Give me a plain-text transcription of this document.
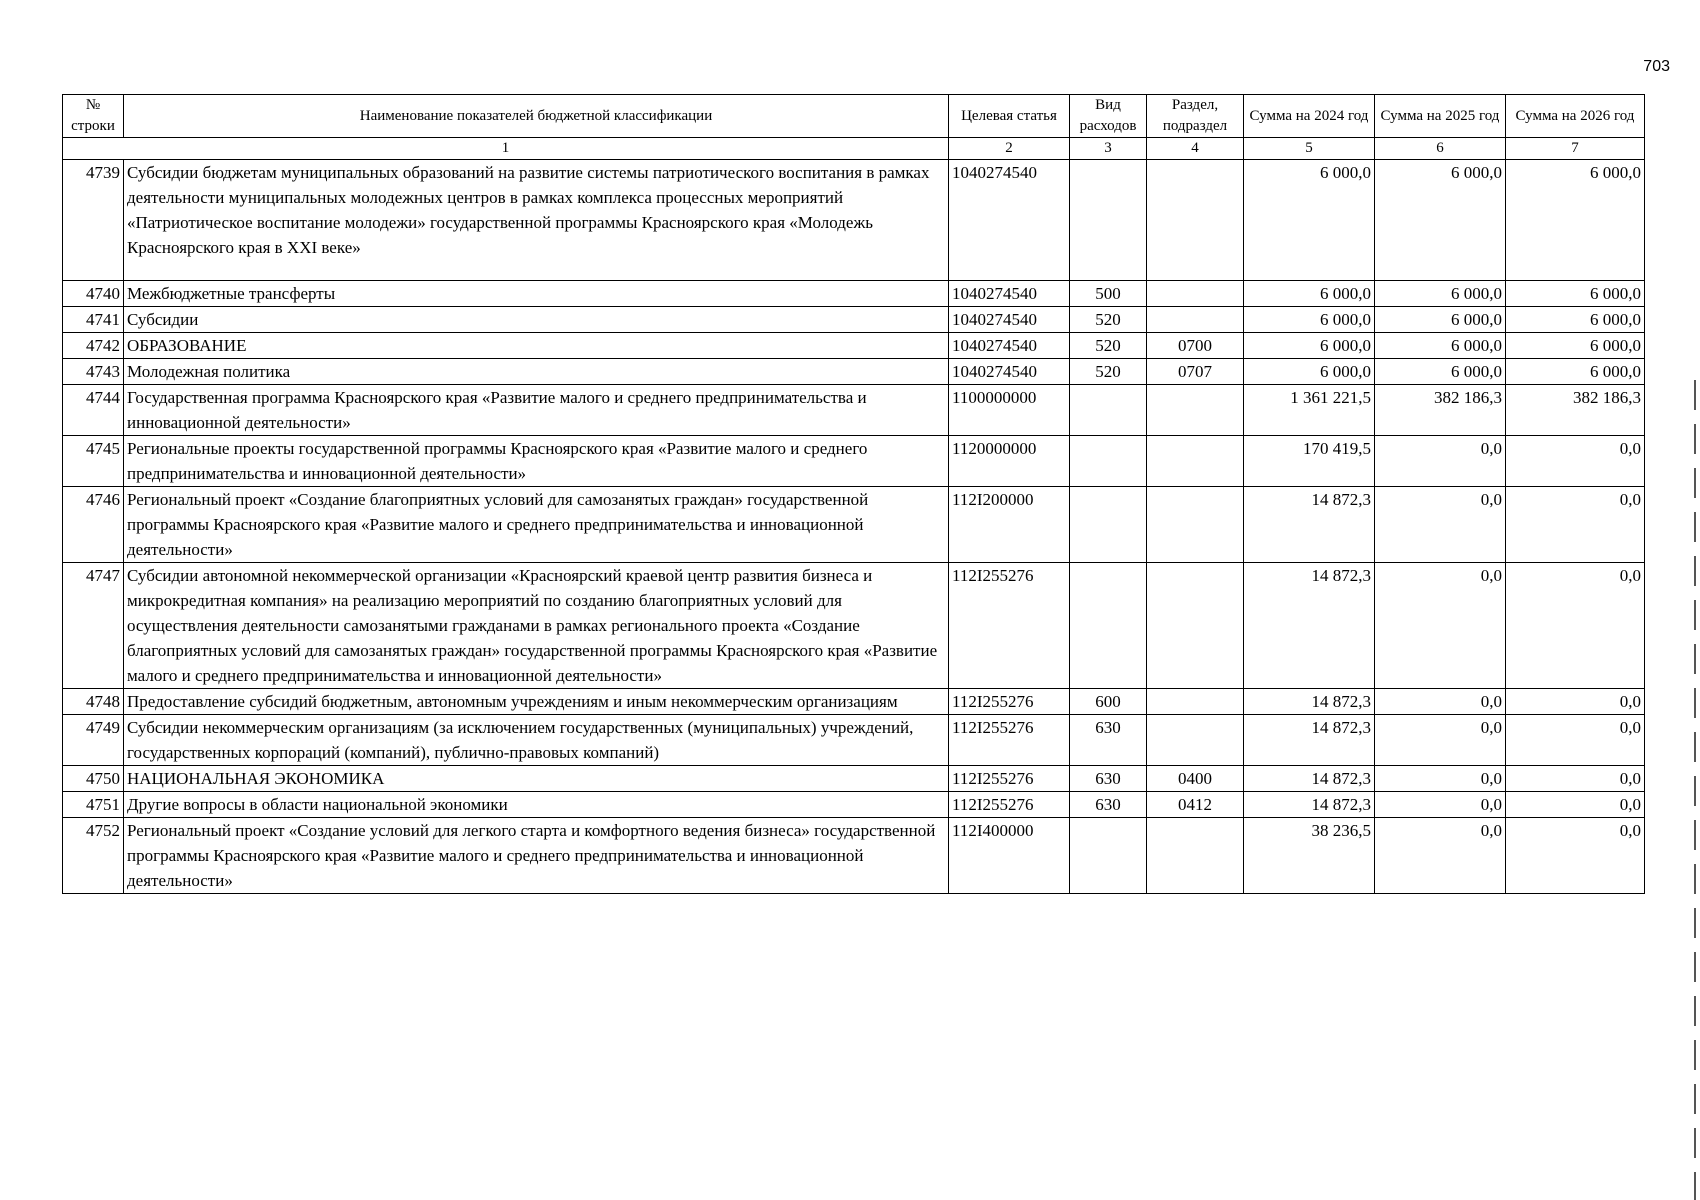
703
№ строки	Наименование показателей бюджетной классификации	Целевая статья	Вид расходов	Раздел, подраздел	Сумма на 2024 год	Сумма на 2025 год	Сумма на 2026 год
1		2	3	4	5	6	7
4739	Субсидии бюджетам муниципальных образований на развитие системы патриотического воспитания в рамках деятельности муниципальных молодежных центров в рамках комплекса процессных мероприятий «Патриотическое воспитание молодежи» государственной программы Красноярского края «Молодежь Красноярского края в XXI веке»	1040274540			6 000,0	6 000,0	6 000,0
4740	Межбюджетные трансферты	1040274540	500		6 000,0	6 000,0	6 000,0
4741	Субсидии	1040274540	520		6 000,0	6 000,0	6 000,0
4742	ОБРАЗОВАНИЕ	1040274540	520	0700	6 000,0	6 000,0	6 000,0
4743	Молодежная политика	1040274540	520	0707	6 000,0	6 000,0	6 000,0
4744	Государственная программа Красноярского края «Развитие малого и среднего предпринимательства и инновационной деятельности»	1100000000			1 361 221,5	382 186,3	382 186,3
4745	Региональные проекты государственной программы Красноярского края «Развитие малого и среднего предпринимательства и инновационной деятельности»	1120000000			170 419,5	0,0	0,0
4746	Региональный проект «Создание благоприятных условий для самозанятых граждан» государственной программы Красноярского края «Развитие малого и среднего предпринимательства и инновационной деятельности»	112I200000			14 872,3	0,0	0,0
4747	Субсидии автономной некоммерческой организации «Красноярский краевой центр развития бизнеса и микрокредитная компания» на реализацию мероприятий по созданию благоприятных условий для осуществления деятельности самозанятыми гражданами в рамках регионального проекта «Создание благоприятных условий для самозанятых граждан» государственной программы Красноярского края «Развитие малого и среднего предпринимательства и инновационной деятельности»	112I255276			14 872,3	0,0	0,0
4748	Предоставление субсидий бюджетным, автономным учреждениям и иным некоммерческим организациям	112I255276	600		14 872,3	0,0	0,0
4749	Субсидии некоммерческим организациям (за исключением государственных (муниципальных) учреждений, государственных корпораций (компаний), публично-правовых компаний)	112I255276	630		14 872,3	0,0	0,0
4750	НАЦИОНАЛЬНАЯ ЭКОНОМИКА	112I255276	630	0400	14 872,3	0,0	0,0
4751	Другие вопросы в области национальной экономики	112I255276	630	0412	14 872,3	0,0	0,0
4752	Региональный проект «Создание условий для легкого старта и комфортного ведения бизнеса» государственной программы Красноярского края «Развитие малого и среднего предпринимательства и инновационной деятельности»	112I400000			38 236,5	0,0	0,0
